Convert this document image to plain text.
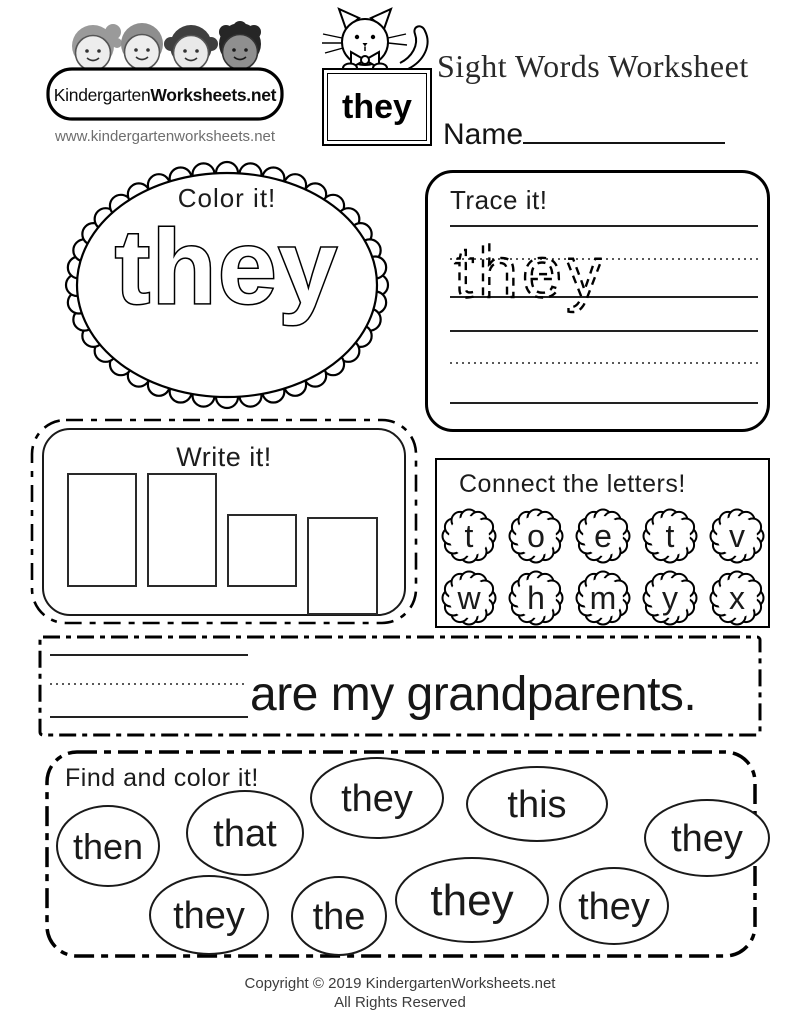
KindergartenWorksheets.net
www.kindergartenworksheets.net
they
Sight Words Worksheet
Name
Color it!
they
Trace it!
they
Write it!
Connect the letters!
t o e t v
w h m y x
are my grandparents.
they this
then that	they
they the they they
Find and color it!
Copyright © 2019 KindergartenWorksheets.net
All Rights Reserved
